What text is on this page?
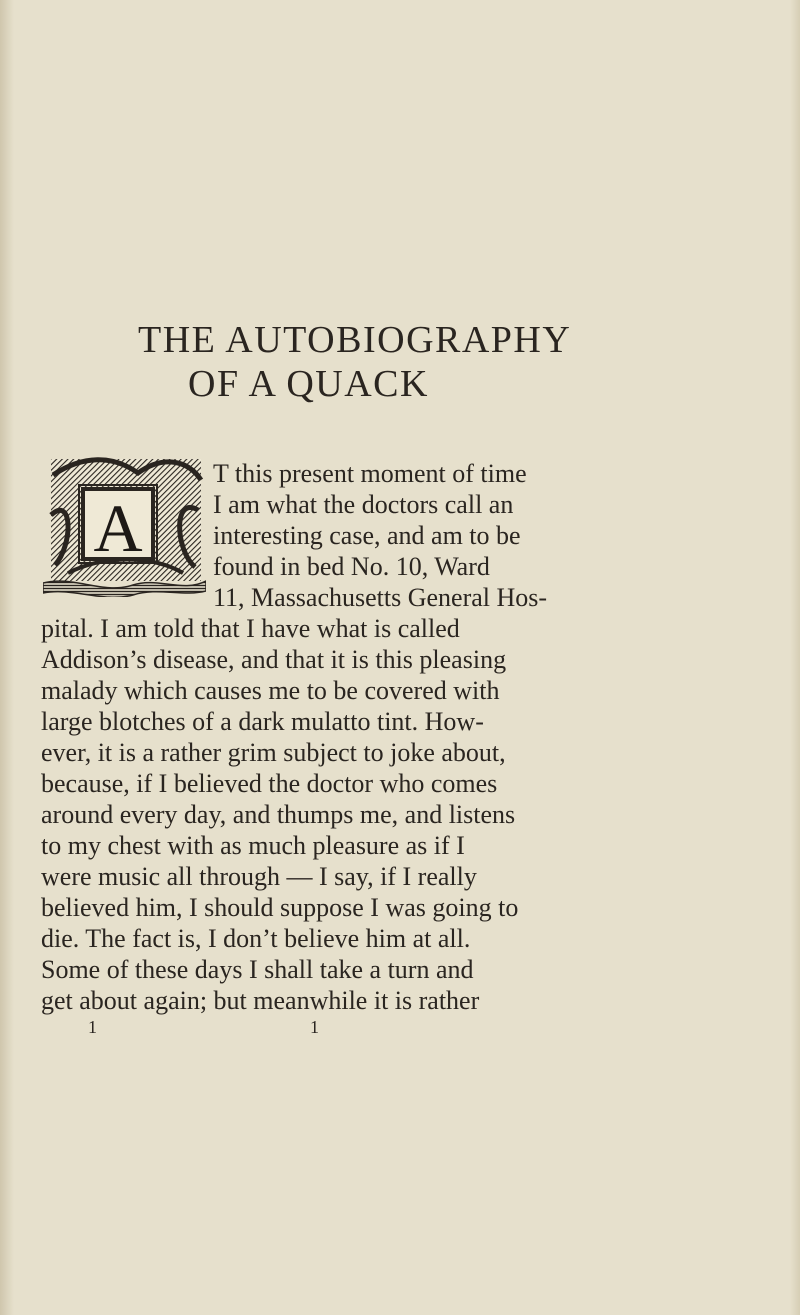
THE AUTOBIOGRAPHY
OF A QUACK
A
T this present moment of time
I am what the doctors call an
interesting case, and am to be
found in bed No. 10, Ward
11, Massachusetts General Hos-
pital. I am told that I have what is called
Addison’s disease, and that it is this pleasing
malady which causes me to be covered with
large blotches of a dark mulatto tint. How-
ever, it is a rather grim subject to joke about,
because, if I believed the doctor who comes
around every day, and thumps me, and listens
to my chest with as much pleasure as if I
were music all through — I say, if I really
believed him, I should suppose I was going to
die. The fact is, I don’t believe him at all.
Some of these days I shall take a turn and
get about again; but meanwhile it is rather
1	1
